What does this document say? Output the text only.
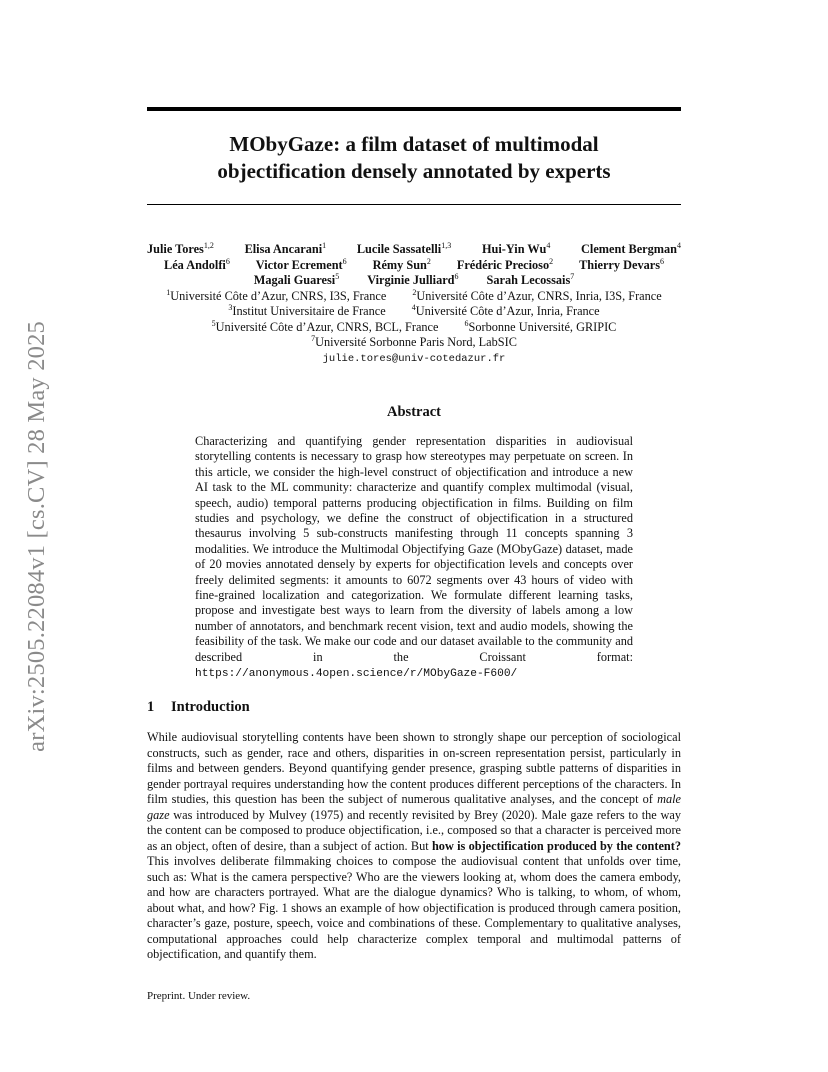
arXiv:2505.22084v1 [cs.CV] 28 May 2025
MObyGaze: a film dataset of multimodal
objectification densely annotated by experts
Julie Tores$^{1,2}$ Elisa Ancarani$^1$ Lucile Sassatelli$^{1,3}$ Hui-Yin Wu$^4$ Clement Bergman$^4$
Léa Andolfi$^6$ Victor Ecrement$^6$ Rémy Sun$^2$ Frédéric Precioso$^2$ Thierry Devars$^6$
Magali Guaresi$^5$ Virginie Julliard$^6$ Sarah Lecossais$^7$
$^1$Université Côte d’Azur, CNRS, I3S, France	$^2$Université Côte d’Azur, CNRS, Inria, I3S, France
$^3$Institut Universitaire de France	$^4$Université Côte d’Azur, Inria, France
$^5$Université Côte d’Azur, CNRS, BCL, France	$^6$Sorbonne Université, GRIPIC
$^7$Université Sorbonne Paris Nord, LabSIC
julie.tores@univ-cotedazur.fr
Abstract
Characterizing and quantifying gender representation disparities in audiovisual storytelling contents is necessary to grasp how stereotypes may perpetuate on screen. In this article, we consider the high-level construct of objectification and introduce a new AI task to the ML community: characterize and quantify complex multimodal (visual, speech, audio) temporal patterns producing objectification in films. Building on film studies and psychology, we define the construct of objectification in a structured thesaurus involving 5 sub-constructs manifesting through 11 concepts spanning 3 modalities. We introduce the Multimodal Objectifying Gaze (MObyGaze) dataset, made of 20 movies annotated densely by experts for objectification levels and concepts over freely delimited segments: it amounts to 6072 segments over 43 hours of video with fine-grained localization and categorization. We formulate different learning tasks, propose and investigate best ways to learn from the diversity of labels among a low number of annotators, and benchmark recent vision, text and audio models, showing the feasibility of the task. We make our code and our dataset available to the community and described in the Croissant format: https://anonymous.4open.science/r/MObyGaze-F600/
1 Introduction
While audiovisual storytelling contents have been shown to strongly shape our perception of sociological constructs, such as gender, race and others, disparities in on-screen representation persist, particularly in films and between genders. Beyond quantifying gender presence, grasping subtle patterns of disparities in gender portrayal requires understanding how the content produces different perceptions of the characters. In film studies, this question has been the subject of numerous qualitative analyses, and the concept of male gaze was introduced by Mulvey (1975) and recently revisited by Brey (2020). Male gaze refers to the way the content can be composed to produce objectification, i.e., composed so that a character is perceived more as an object, often of desire, than a subject of action. But how is objectification produced by the content? This involves deliberate filmmaking choices to compose the audiovisual content that unfolds over time, such as: What is the camera perspective? Who are the viewers looking at, whom does the camera embody, and how are characters portrayed. What are the dialogue dynamics? Who is talking, to whom, of whom, about what, and how? Fig. 1 shows an example of how objectification is produced through camera position, character’s gaze, posture, speech, voice and combinations of these. Complementary to qualitative analyses, computational approaches could help characterize complex temporal and multimodal patterns of objectification, and quantify them.
Preprint. Under review.
